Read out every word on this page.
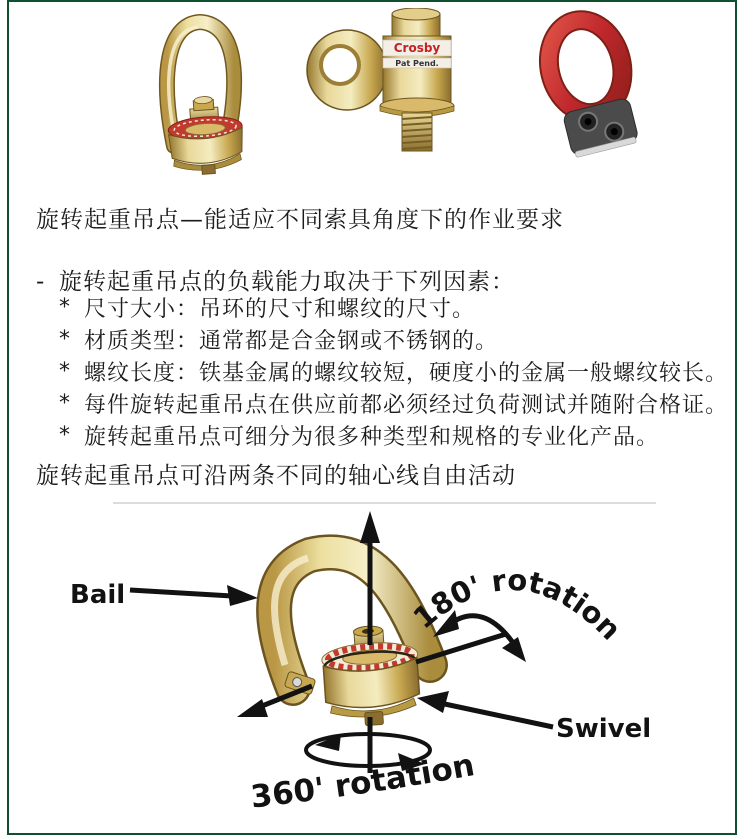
Crosby
Pat Pend.
旋转起重吊点—能适应不同索具角度下的作业要求
- 旋转起重吊点的负载能力取决于下列因素：
* 尺寸大小：吊环的尺寸和螺纹的尺寸。
* 材质类型：通常都是合金钢或不锈钢的。
* 螺纹长度：铁基金属的螺纹较短，硬度小的金属一般螺纹较长。
* 每件旋转起重吊点在供应前都必须经过负荷测试并随附合格证。
* 旋转起重吊点可细分为很多种类型和规格的专业化产品。
旋转起重吊点可沿两条不同的轴心线自由活动
Bail
180' rotation
Swivel
360' rotation
